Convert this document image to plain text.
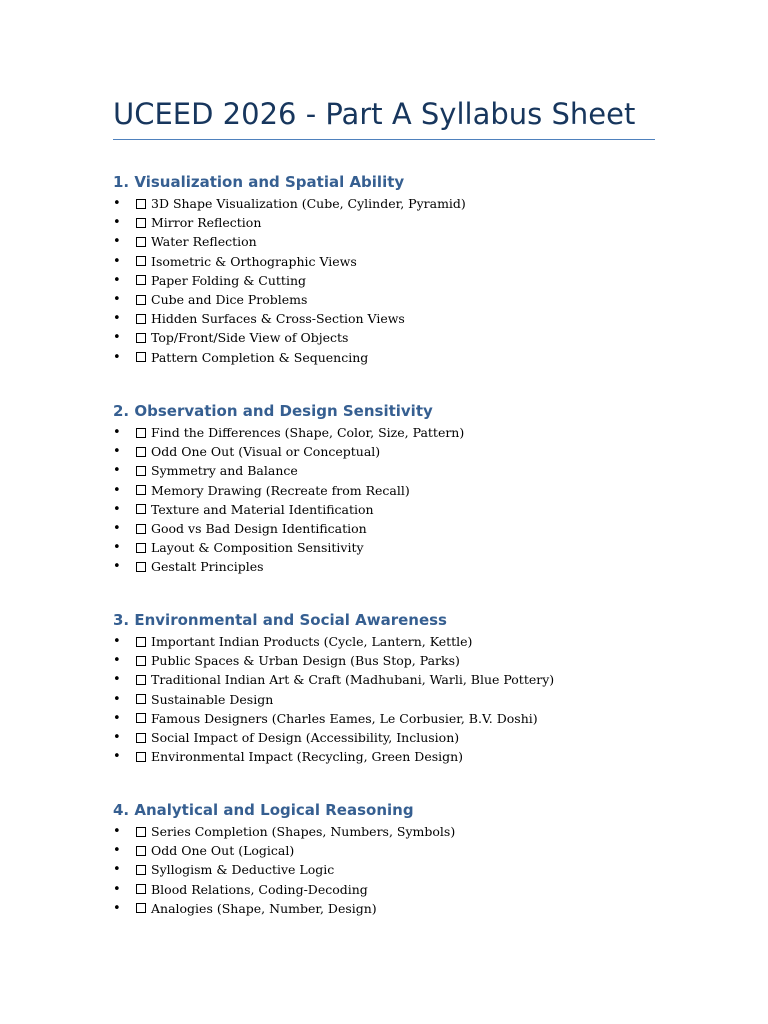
UCEED 2026 - Part A Syllabus Sheet
1. Visualization and Spatial Ability
•	3D Shape Visualization (Cube, Cylinder, Pyramid)
•	Mirror Reflection
•	Water Reflection
•	Isometric & Orthographic Views
•	Paper Folding & Cutting
•	Cube and Dice Problems
•	Hidden Surfaces & Cross-Section Views
•	Top/Front/Side View of Objects
•	Pattern Completion & Sequencing
2. Observation and Design Sensitivity
•	Find the Differences (Shape, Color, Size, Pattern)
•	Odd One Out (Visual or Conceptual)
•	Symmetry and Balance
•	Memory Drawing (Recreate from Recall)
•	Texture and Material Identification
•	Good vs Bad Design Identification
•	Layout & Composition Sensitivity
•	Gestalt Principles
3. Environmental and Social Awareness
•	Important Indian Products (Cycle, Lantern, Kettle)
•	Public Spaces & Urban Design (Bus Stop, Parks)
•	Traditional Indian Art & Craft (Madhubani, Warli, Blue Pottery)
•	Sustainable Design
•	Famous Designers (Charles Eames, Le Corbusier, B.V. Doshi)
•	Social Impact of Design (Accessibility, Inclusion)
•	Environmental Impact (Recycling, Green Design)
4. Analytical and Logical Reasoning
•	Series Completion (Shapes, Numbers, Symbols)
•	Odd One Out (Logical)
•	Syllogism & Deductive Logic
•	Blood Relations, Coding-Decoding
•	Analogies (Shape, Number, Design)
